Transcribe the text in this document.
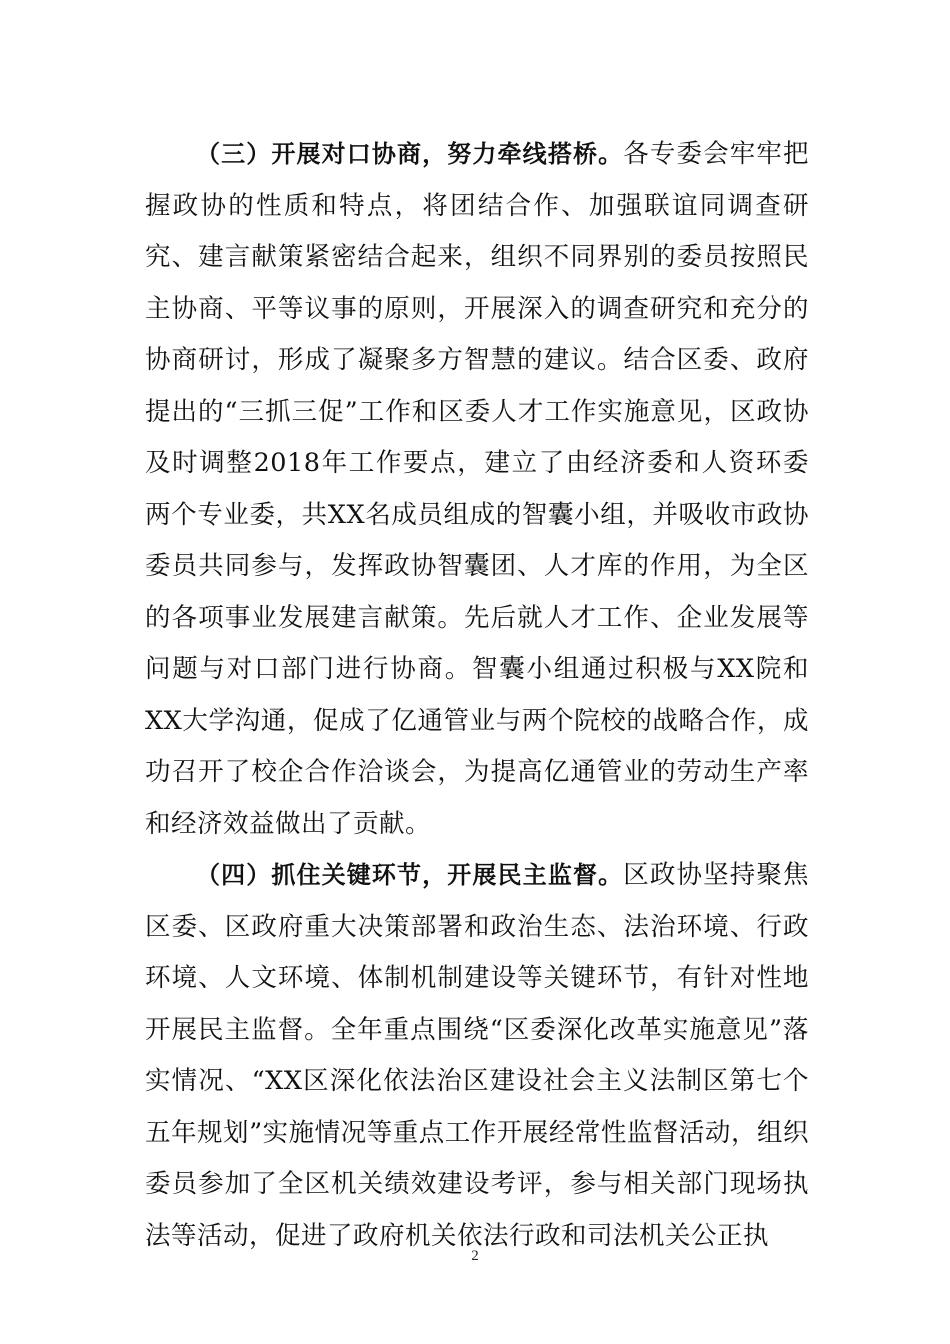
（三）开展对口协商，努力牵线搭桥。各专委会牢牢把握政协的性质和特点，将团结合作、加强联谊同调查研究、建言献策紧密结合起来，组织不同界别的委员按照民主协商、平等议事的原则，开展深入的调查研究和充分的协商研讨，形成了凝聚多方智慧的建议。结合区委、政府提出的“三抓三促”工作和区委人才工作实施意见，区政协及时调整2018年工作要点，建立了由经济委和人资环委两个专业委，共XX名成员组成的智囊小组，并吸收市政协委员共同参与，发挥政协智囊团、人才库的作用，为全区的各项事业发展建言献策。先后就人才工作、企业发展等问题与对口部门进行协商。智囊小组通过积极与XX院和XX大学沟通，促成了亿通管业与两个院校的战略合作，成功召开了校企合作洽谈会，为提高亿通管业的劳动生产率和经济效益做出了贡献。

（四）抓住关键环节，开展民主监督。区政协坚持聚焦区委、区政府重大决策部署和政治生态、法治环境、行政环境、人文环境、体制机制建设等关键环节，有针对性地开展民主监督。全年重点围绕“区委深化改革实施意见”落实情况、“XX区深化依法治区建设社会主义法制区第七个五年规划”实施情况等重点工作开展经常性监督活动，组织委员参加了全区机关绩效建设考评，参与相关部门现场执法等活动，促进了政府机关依法行政和司法机关公正执

2
